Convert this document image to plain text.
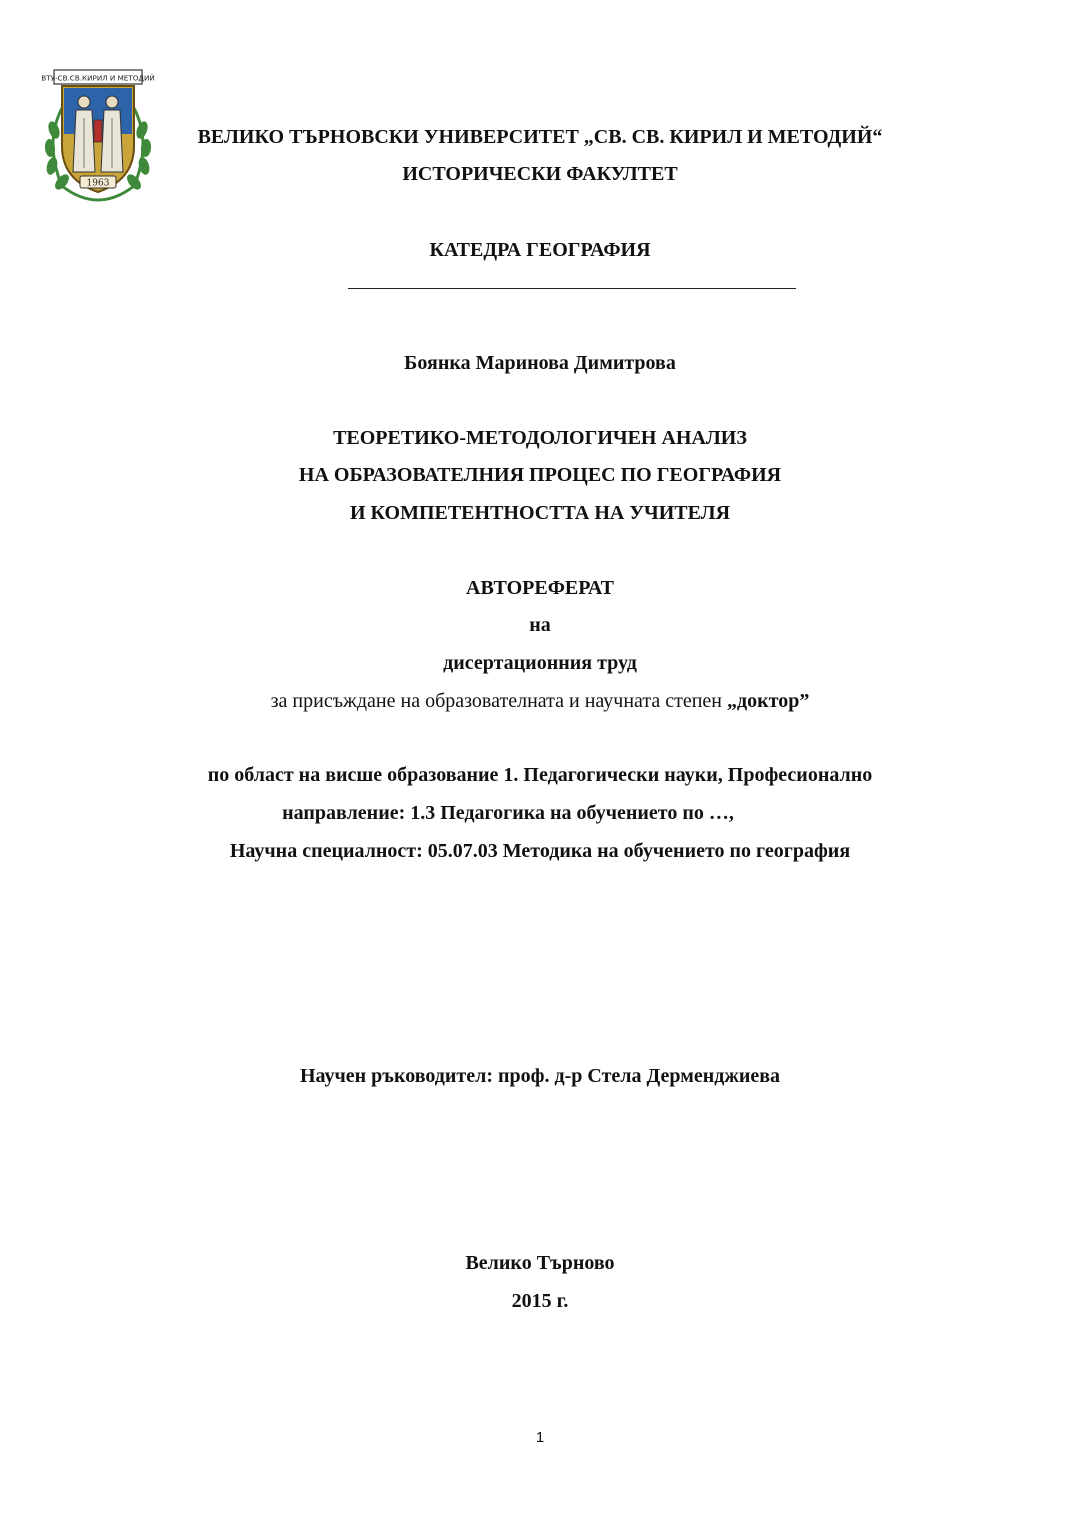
ВТУ-СВ.СВ.КИРИЛ И МЕТОДИЙ
1963
ВЕЛИКО ТЪРНОВСКИ УНИВЕРСИТЕТ „СВ. СВ. КИРИЛ И МЕТОДИЙ“
ИСТОРИЧЕСКИ ФАКУЛТЕТ
КАТЕДРА ГЕОГРАФИЯ
Боянка Маринова Димитрова
ТЕОРЕТИКО-МЕТОДОЛОГИЧЕН АНАЛИЗ
НА ОБРАЗОВАТЕЛНИЯ ПРОЦЕС ПО ГЕОГРАФИЯ
И КОМПЕТЕНТНОСТТА НА УЧИТЕЛЯ
АВТОРЕФЕРАТ
на
дисертационния труд
за присъждане на образователната и научната степен „доктор”
по област на висше образование 1. Педагогически науки, Професионално
направление: 1.3 Педагогика на обучението по …,
Научна специалност: 05.07.03 Методика на обучението по география
Научен ръководител: проф. д-р Стела Дерменджиева
Велико Търново
2015 г.
1
